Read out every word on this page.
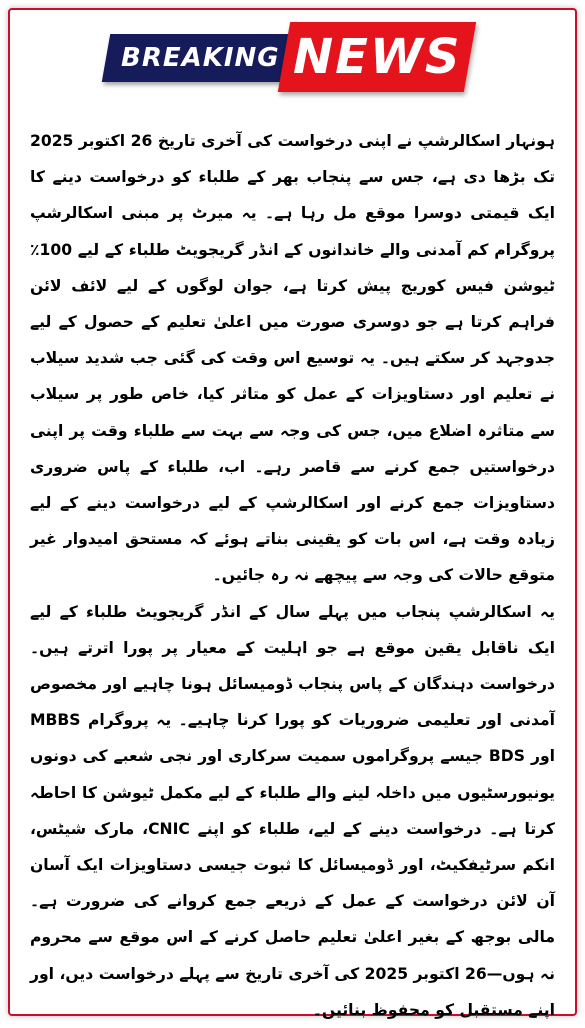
BREAKING NEWS

ہونہار اسکالرشپ نے اپنی درخواست کی آخری تاریخ 26 اکتوبر 2025 تک بڑھا دی ہے، جس سے پنجاب بھر کے طلباء کو درخواست دینے کا ایک قیمتی دوسرا موقع مل رہا ہے۔ یہ میرٹ پر مبنی اسکالرشپ پروگرام کم آمدنی والے خاندانوں کے انڈر گریجویٹ طلباء کے لیے 100٪ ٹیوشن فیس کوریج پیش کرتا ہے، جوان لوگوں کے لیے لائف لائن فراہم کرتا ہے جو دوسری صورت میں اعلیٰ تعلیم کے حصول کے لیے جدوجہد کر سکتے ہیں۔ یہ توسیع اس وقت کی گئی جب شدید سیلاب نے تعلیم اور دستاویزات کے عمل کو متاثر کیا، خاص طور پر سیلاب سے متاثرہ اضلاع میں، جس کی وجہ سے بہت سے طلباء وقت پر اپنی درخواستیں جمع کرنے سے قاصر رہے۔ اب، طلباء کے پاس ضروری دستاویزات جمع کرنے اور اسکالرشپ کے لیے درخواست دینے کے لیے زیادہ وقت ہے، اس بات کو یقینی بناتے ہوئے کہ مستحق امیدوار غیر متوقع حالات کی وجہ سے پیچھے نہ رہ جائیں۔

یہ اسکالرشپ پنجاب میں پہلے سال کے انڈر گریجویٹ طلباء کے لیے ایک ناقابل یقین موقع ہے جو اہلیت کے معیار پر پورا اترتے ہیں۔ درخواست دہندگان کے پاس پنجاب ڈومیسائل ہونا چاہیے اور مخصوص آمدنی اور تعلیمی ضروریات کو پورا کرنا چاہیے۔ یہ پروگرام MBBS اور BDS جیسے پروگراموں سمیت سرکاری اور نجی شعبے کی دونوں یونیورسٹیوں میں داخلہ لینے والے طلباء کے لیے مکمل ٹیوشن کا احاطہ کرتا ہے۔ درخواست دینے کے لیے، طلباء کو اپنے CNIC، مارک شیٹس، انکم سرٹیفکیٹ، اور ڈومیسائل کا ثبوت جیسی دستاویزات ایک آسان آن لائن درخواست کے عمل کے ذریعے جمع کروانے کی ضرورت ہے۔ مالی بوجھ کے بغیر اعلیٰ تعلیم حاصل کرنے کے اس موقع سے محروم نہ ہوں—26 اکتوبر 2025 کی آخری تاریخ سے پہلے درخواست دیں، اور اپنے مستقبل کو محفوظ بنائیں۔
